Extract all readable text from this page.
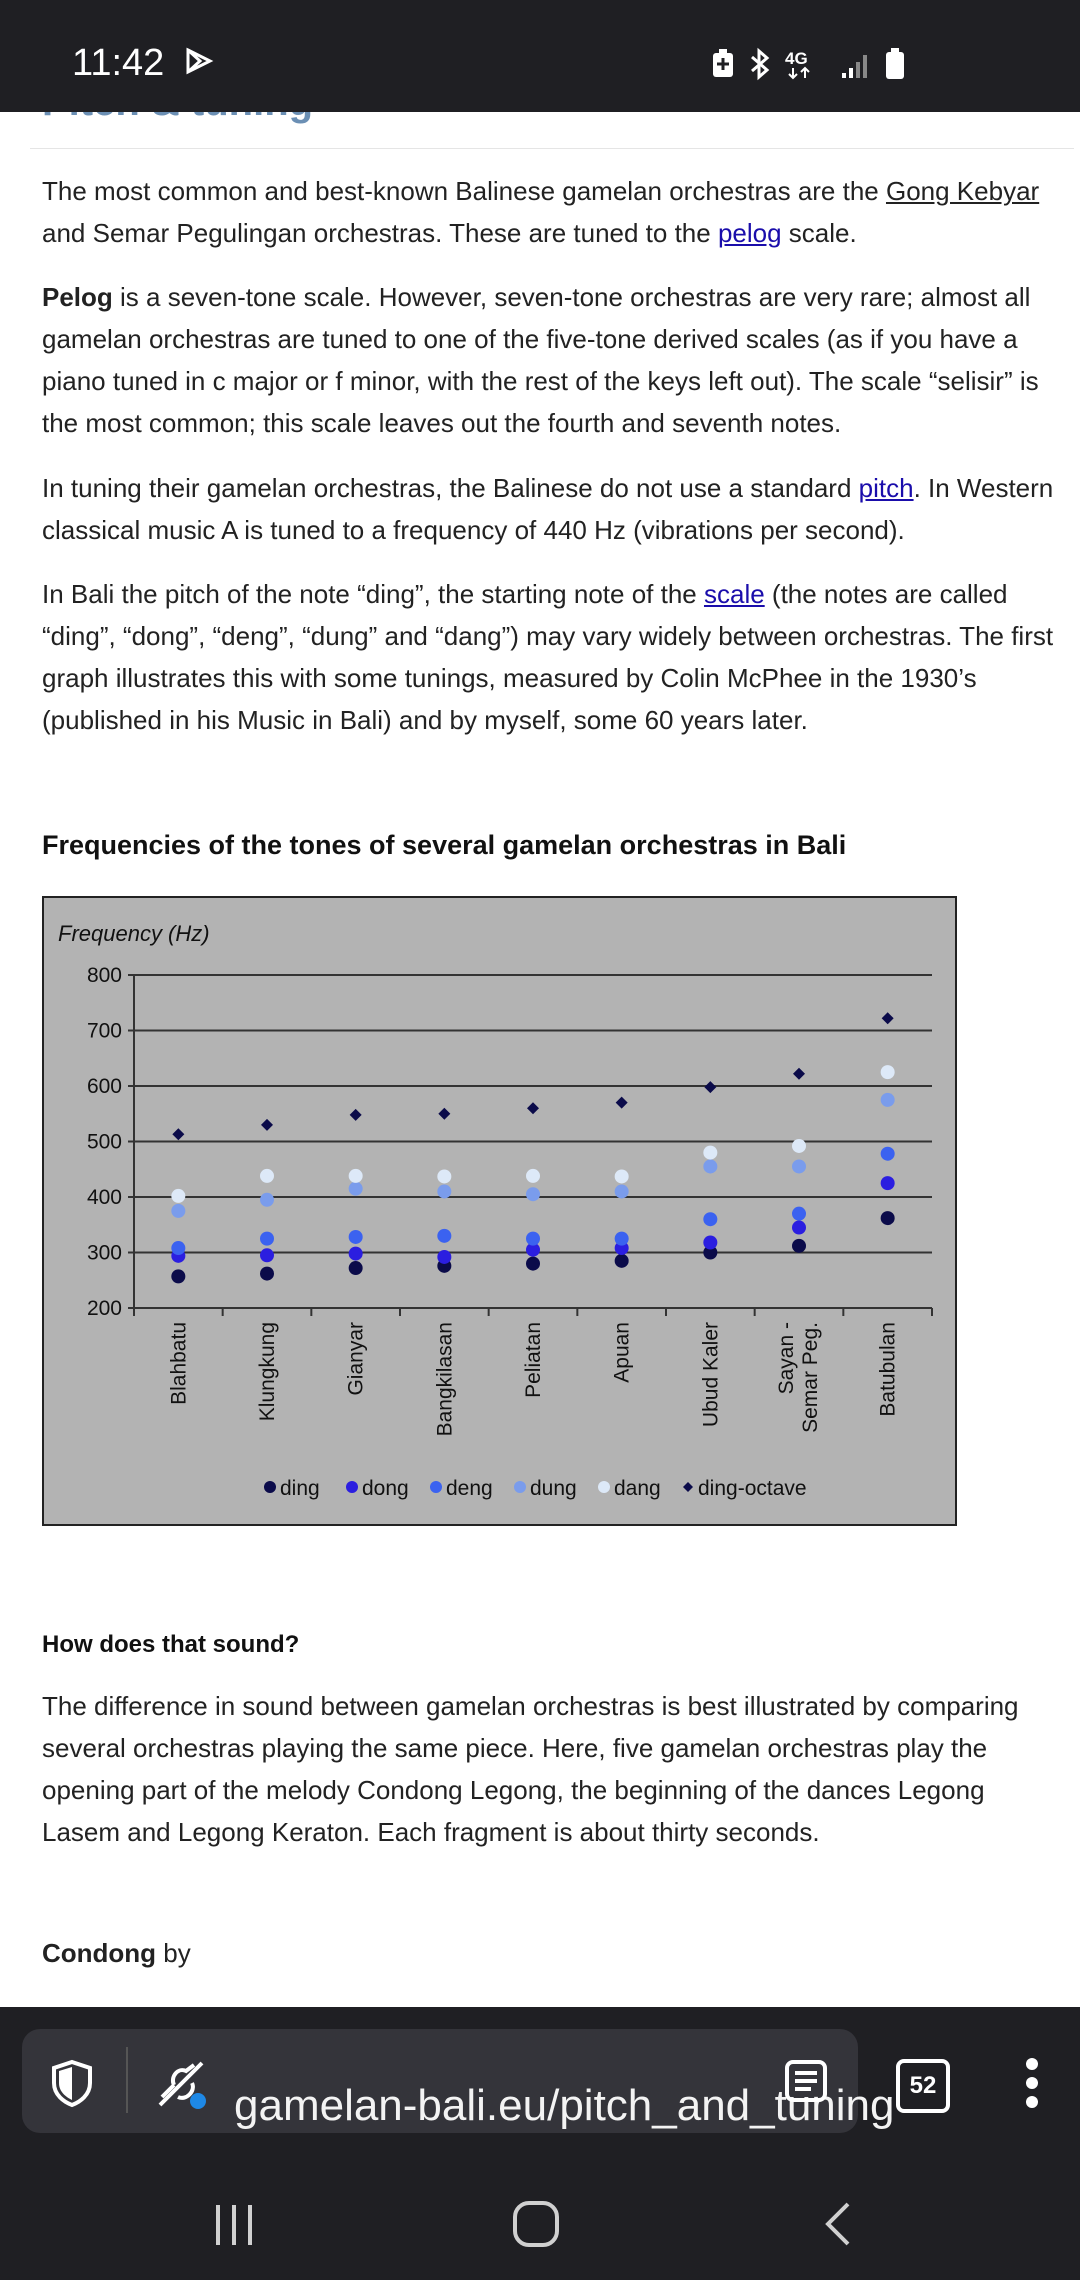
11:42	4G
The most common and best-known Balinese gamelan orchestras are the Gong Kebyar and Semar Pegulingan orchestras. These are tuned to the pelog scale.
Pelog is a seven-tone scale. However, seven-tone orchestras are very rare; almost all gamelan orchestras are tuned to one of the five-tone derived scales (as if you have a piano tuned in c major or f minor, with the rest of the keys left out). The scale “selisir” is the most common; this scale leaves out the fourth and seventh notes.
In tuning their gamelan orchestras, the Balinese do not use a standard pitch. In Western classical music A is tuned to a frequency of 440 Hz (vibrations per second).
In Bali the pitch of the note “ding”, the starting note of the scale (the notes are called “ding”, “dong”, “deng”, “dung” and “dang”) may vary widely between orchestras. The first graph illustrates this with some tunings, measured by Colin McPhee in the 1930’s (published in his Music in Bali) and by myself, some 60 years later.
Frequencies of the tones of several gamelan orchestras in Bali
Frequency (Hz)
200
300
400
500
600
700
800
Blahbatu	Klungkung	Gianyar	Bangkilasan	Peliatan	Apuan	Ubud Kaler	Sayan - Semar Peg.	Batubulan
ding dong deng dung dang ding-octave
How does that sound?
The difference in sound between gamelan orchestras is best illustrated by comparing several orchestras playing the same piece. Here, five gamelan orchestras play the opening part of the melody Condong Legong, the beginning of the dances Legong Lasem and Legong Keraton. Each fragment is about thirty seconds.
Condong by
gamelan-bali.eu/pitch_and_tuning 52
